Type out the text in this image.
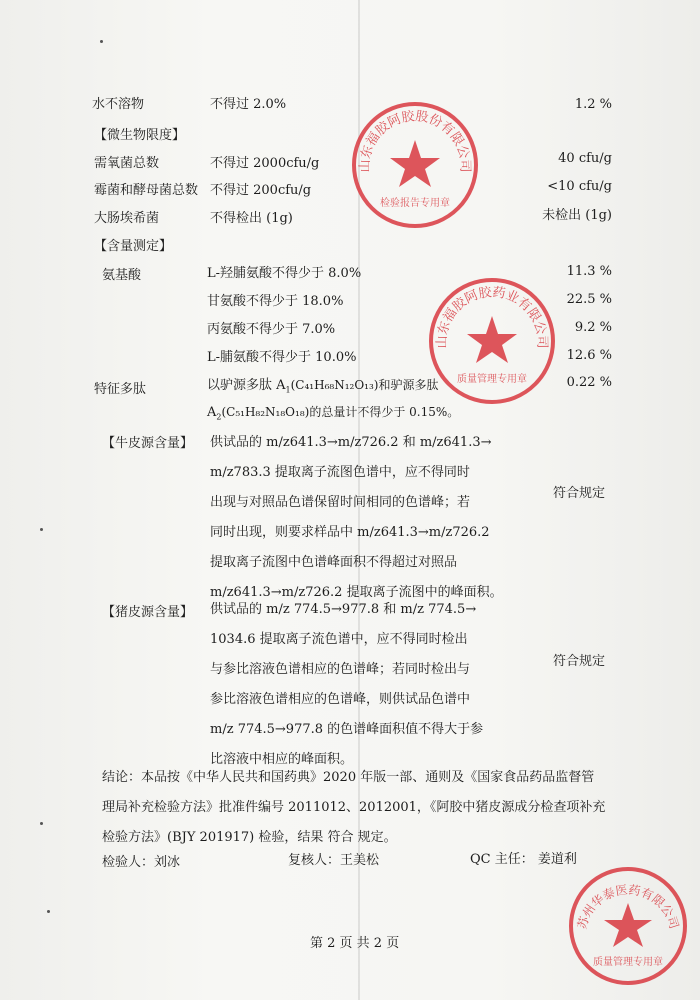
水不溶物	不得过 2.0%	1.2 %
【微生物限度】
需氧菌总数	不得过 2000cfu/g	40 cfu/g
霉菌和酵母菌总数 不得过 200cfu/g	<10 cfu/g
大肠埃希菌	不得检出 (1g)	未检出 (1g)
【含量测定】
氨基酸	L-羟脯氨酸不得少于 8.0%	11.3 %
甘氨酸不得少于 18.0%	22.5 %
丙氨酸不得少于 7.0%	9.2 %
L-脯氨酸不得少于 10.0%	12.6 %
特征多肽	以驴源多肽 $A_1(C_{41}H_{68}N_{12}O_{13})$和驴源多肽	0.22 %
$A_2(C_{51}H_{82}N_{18}O_{18})$的总量计不得少于 0.15%。
【牛皮源含量】 供试品的 m/z641.3→m/z726.2 和 m/z641.3→
m/z783.3 提取离子流图色谱中，应不得同时
出现与对照品色谱保留时间相同的色谱峰；若
同时出现，则要求样品中 m/z641.3→m/z726.2
提取离子流图中色谱峰面积不得超过对照品
m/z641.3→m/z726.2 提取离子流图中的峰面积。
符合规定
【猪皮源含量】 供试品的 m/z 774.5→977.8 和 m/z 774.5→
1034.6 提取离子流色谱中，应不得同时检出
与参比溶液色谱相应的色谱峰；若同时检出与
参比溶液色谱相应的色谱峰，则供试品色谱中
m/z 774.5→977.8 的色谱峰面积值不得大于参
比溶液中相应的峰面积。
符合规定
结论：本品按《中华人民共和国药典》2020 年版一部、通则及《国家食品药品监督管
理局补充检验方法》批准件编号 2011012、2012001，《阿胶中猪皮源成分检查项补充
检验方法》(BJY 201917) 检验，结果 符合 规定。
检验人：刘冰	复核人：王美松	QC 主任： 姜道利
第 2 页 共 2 页
山东福胶阿胶股份有限公司
检验报告专用章
山东福胶阿胶药业有限公司
质量管理专用章
苏州华泰医药有限公司
质量管理专用章
